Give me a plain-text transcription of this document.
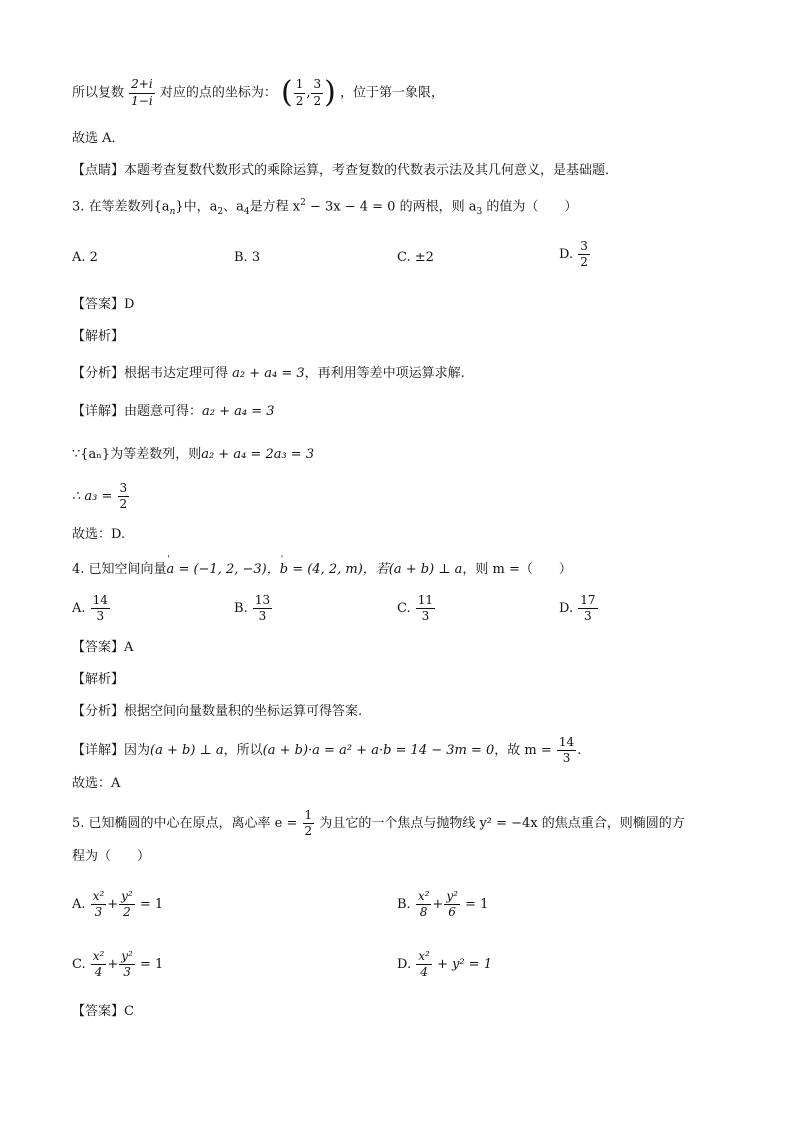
所以复数 $\frac{2+i}{1-i}$ 对应的点的坐标为： ( $\frac{1}{2}$ , $\frac{3}{2}$ ) ，位于第一象限，
故选 A．
【点睛】本题考查复数代数形式的乘除运算，考查复数的代数表示法及其几何意义，是基础题．
3. 在等差数列$\{a_n\}$中，$a_2$、$a_4$是方程 $x^2 - 3x - 4 = 0$ 的两根，则 $a_3$ 的值为（　　）
A. 2	B. 3	C. ±2	D. $\frac{3}{2}$
【答案】D
【解析】
【分析】根据韦达定理可得 a₂ + a₄ = 3，再利用等差中项运算求解.
【详解】由题意可得：a₂ + a₄ = 3
∵{aₙ}为等差数列，则a₂ + a₄ = 2a₃ = 3
∴ $a_3 = \frac{3}{2}$
故选：D.
4. 已知空间向量' a = (−1, 2, −3)，' b = (4, 2, m)，若(a + b) ⊥ a，则 m =（　　）
A. $\frac{14}{3}$	B. $\frac{13}{3}$	C. $\frac{11}{3}$	D. $\frac{17}{3}$
【答案】A
【解析】
【分析】根据空间向量数量积的坐标运算可得答案.
【详解】因为(a + b) ⊥ a，所以(a + b)·a = a² + a·b = 14 − 3m = 0，故 $m = \frac{14}{3}$ .
故选：A
5. 已知椭圆的中心在原点，离心率 $e = \frac{1}{2}$ 为且它的一个焦点与抛物线 y² = −4x 的焦点重合，则椭圆的方
程为（　　）
A. $\frac{\text{x²}}{3} + \frac{\text{y²}}{2} = 1$	B. $\frac{\text{x²}}{8} + \frac{\text{y²}}{6} = 1$
C. $\frac{\text{x²}}{4} + \frac{\text{y²}}{3} = 1$	D. $\frac{\text{x²}}{4} + y^2 = 1$
【答案】C
